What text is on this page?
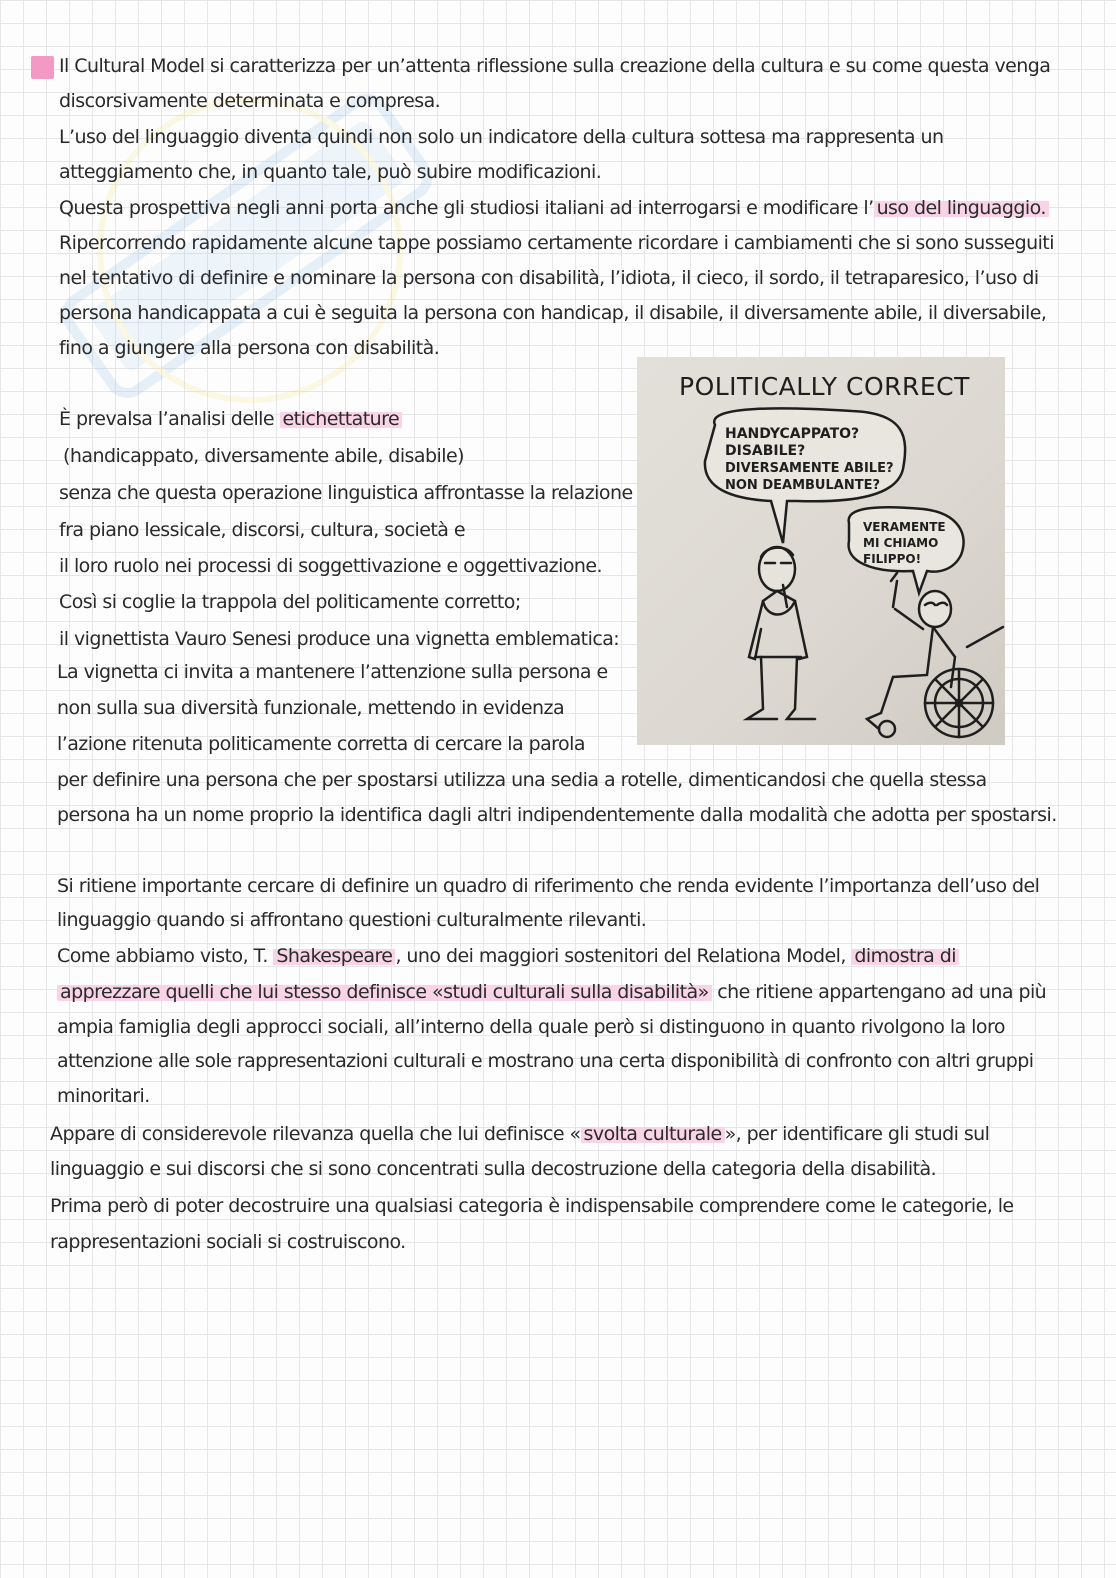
Il Cultural Model si caratterizza per un’attenta riflessione sulla creazione della cultura e su come questa venga
discorsivamente determinata e compresa.
L’uso del linguaggio diventa quindi non solo un indicatore della cultura sottesa ma rappresenta un
atteggiamento che, in quanto tale, può subire modificazioni.
Questa prospettiva negli anni porta anche gli studiosi italiani ad interrogarsi e modificare l’ uso del linguaggio.
Ripercorrendo rapidamente alcune tappe possiamo certamente ricordare i cambiamenti che si sono susseguiti
nel tentativo di definire e nominare la persona con disabilità, l’idiota, il cieco, il sordo, il tetraparesico, l’uso di
persona handicappata a cui è seguita la persona con handicap, il disabile, il diversamente abile, il diversabile,
fino a giungere alla persona con disabilità.
È prevalsa l’analisi delle etichettature
(handicappato, diversamente abile, disabile)
senza che questa operazione linguistica affrontasse la relazione
fra piano lessicale, discorsi, cultura, società e
il loro ruolo nei processi di soggettivazione e oggettivazione.
Così si coglie la trappola del politicamente corretto;
il vignettista Vauro Senesi produce una vignetta emblematica:
La vignetta ci invita a mantenere l’attenzione sulla persona e
non sulla sua diversità funzionale, mettendo in evidenza
l’azione ritenuta politicamente corretta di cercare la parola
per definire una persona che per spostarsi utilizza una sedia a rotelle, dimenticandosi che quella stessa
persona ha un nome proprio la identifica dagli altri indipendentemente dalla modalità che adotta per spostarsi.
POLITICALLY CORRECT
HANDYCAPPATO?
DISABILE?
DIVERSAMENTE ABILE?
NON DEAMBULANTE?
VERAMENTE
MI CHIAMO
FILIPPO!
Si ritiene importante cercare di definire un quadro di riferimento che renda evidente l’importanza dell’uso del
linguaggio quando si affrontano questioni culturalmente rilevanti.
Come abbiamo visto, T. Shakespeare , uno dei maggiori sostenitori del Relationa Model, dimostra di
apprezzare quelli che lui stesso definisce «studi culturali sulla disabilità» che ritiene appartengano ad una più
ampia famiglia degli approcci sociali, all’interno della quale però si distinguono in quanto rivolgono la loro
attenzione alle sole rappresentazioni culturali e mostrano una certa disponibilità di confronto con altri gruppi
minoritari.
Appare di considerevole rilevanza quella che lui definisce « svolta culturale », per identificare gli studi sul
linguaggio e sui discorsi che si sono concentrati sulla decostruzione della categoria della disabilità.
Prima però di poter decostruire una qualsiasi categoria è indispensabile comprendere come le categorie, le
rappresentazioni sociali si costruiscono.
